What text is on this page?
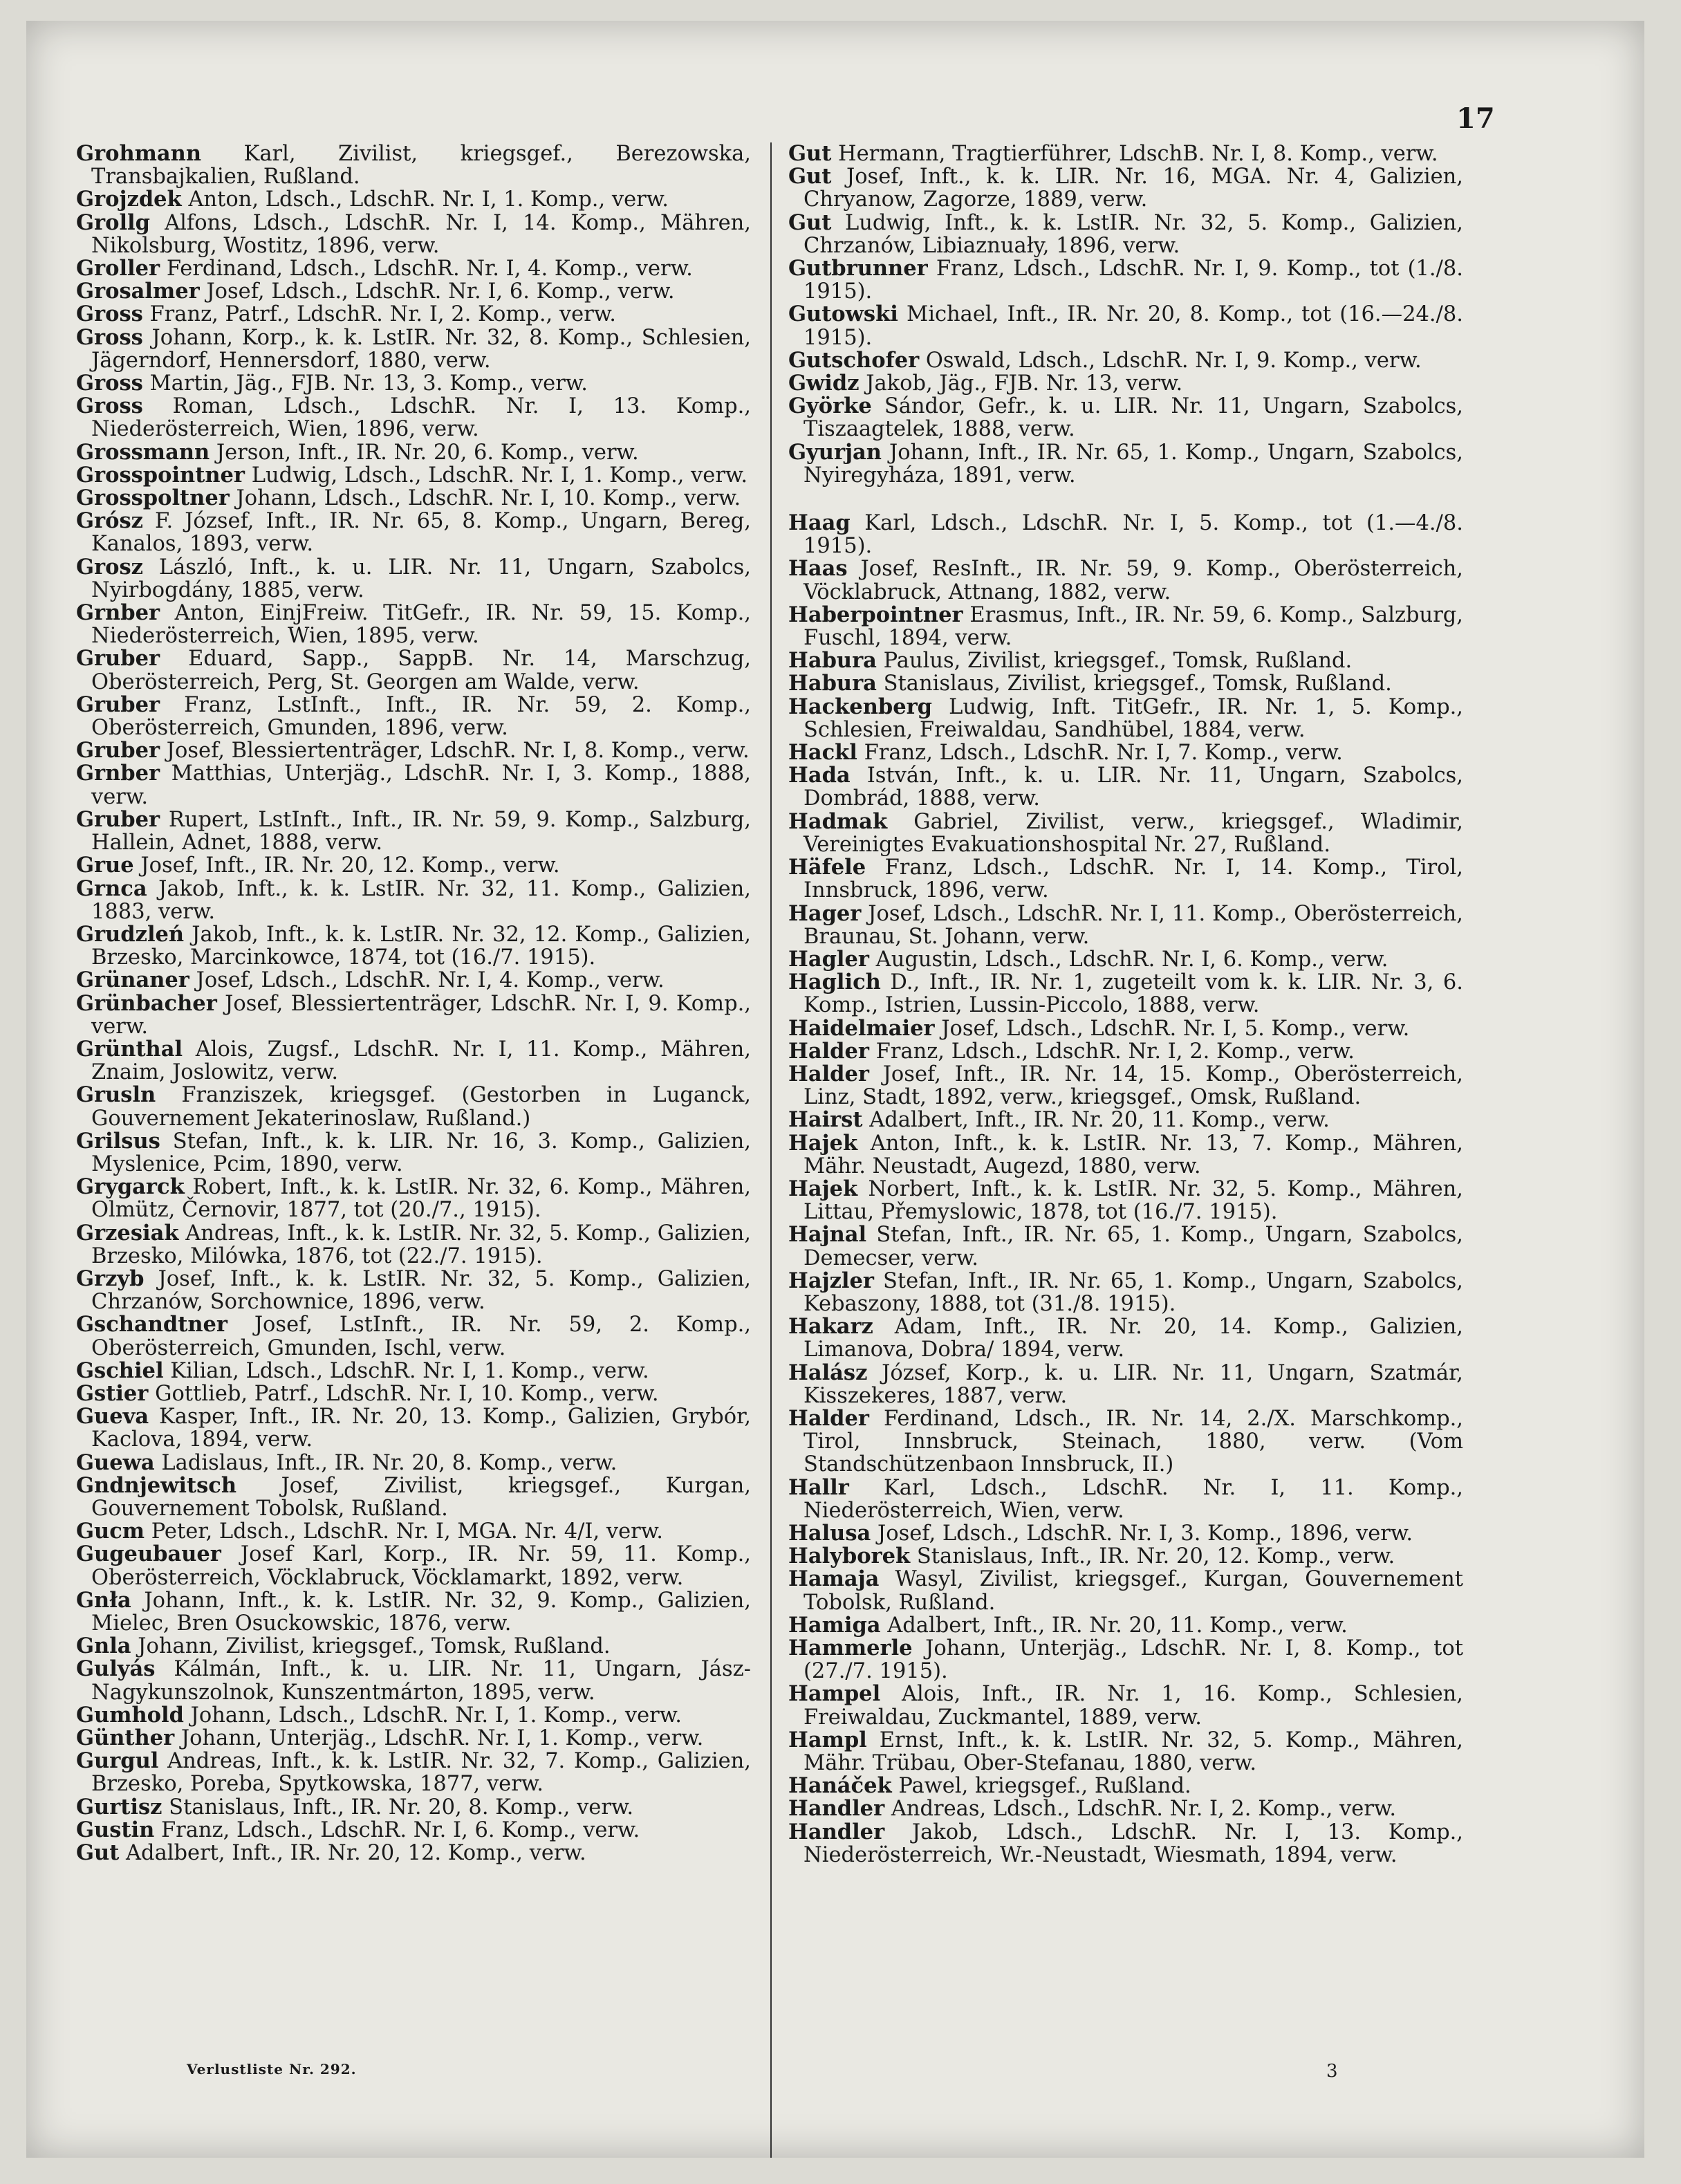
17

Grohmann Karl, Zivilist, kriegsgef., Berezowska, Transbajkalien, Rußland.

Grojzdek Anton, Ldsch., LdschR. Nr. I, 1. Komp., verw.

Grollg Alfons, Ldsch., LdschR. Nr. I, 14. Komp., Mähren, Nikolsburg, Wostitz, 1896, verw.

Groller Ferdinand, Ldsch., LdschR. Nr. I, 4. Komp., verw.

Grosalmer Josef, Ldsch., LdschR. Nr. I, 6. Komp., verw.

Gross Franz, Patrf., LdschR. Nr. I, 2. Komp., verw.

Gross Johann, Korp., k. k. LstIR. Nr. 32, 8. Komp., Schlesien, Jägerndorf, Hennersdorf, 1880, verw.

Gross Martin, Jäg., FJB. Nr. 13, 3. Komp., verw.

Gross Roman, Ldsch., LdschR. Nr. I, 13. Komp., Niederösterreich, Wien, 1896, verw.

Grossmann Jerson, Inft., IR. Nr. 20, 6. Komp., verw.

Grosspointner Ludwig, Ldsch., LdschR. Nr. I, 1. Komp., verw.

Grosspoltner Johann, Ldsch., LdschR. Nr. I, 10. Komp., verw.

Grósz F. József, Inft., IR. Nr. 65, 8. Komp., Ungarn, Bereg, Kanalos, 1893, verw.

Grosz László, Inft., k. u. LIR. Nr. 11, Ungarn, Szabolcs, Nyirbogdány, 1885, verw.

Grnber Anton, EinjFreiw. TitGefr., IR. Nr. 59, 15. Komp., Niederösterreich, Wien, 1895, verw.

Gruber Eduard, Sapp., SappB. Nr. 14, Marschzug, Oberösterreich, Perg, St. Georgen am Walde, verw.

Gruber Franz, LstInft., Inft., IR. Nr. 59, 2. Komp., Oberösterreich, Gmunden, 1896, verw.

Gruber Josef, Blessiertenträger, LdschR. Nr. I, 8. Komp., verw.

Grnber Matthias, Unterjäg., LdschR. Nr. I, 3. Komp., 1888, verw.

Gruber Rupert, LstInft., Inft., IR. Nr. 59, 9. Komp., Salzburg, Hallein, Adnet, 1888, verw.

Grue Josef, Inft., IR. Nr. 20, 12. Komp., verw.

Grnca Jakob, Inft., k. k. LstIR. Nr. 32, 11. Komp., Galizien, 1883, verw.

Grudzleń Jakob, Inft., k. k. LstIR. Nr. 32, 12. Komp., Galizien, Brzesko, Marcinkowce, 1874, tot (16./7. 1915).

Grünaner Josef, Ldsch., LdschR. Nr. I, 4. Komp., verw.

Grünbacher Josef, Blessiertenträger, LdschR. Nr. I, 9. Komp., verw.

Grünthal Alois, Zugsf., LdschR. Nr. I, 11. Komp., Mähren, Znaim, Joslowitz, verw.

Grusln Franziszek, kriegsgef. (Gestorben in Luganck, Gouvernement Jekaterinoslaw, Rußland.)

Grilsus Stefan, Inft., k. k. LIR. Nr. 16, 3. Komp., Galizien, Myslenice, Pcim, 1890, verw.

Grygarck Robert, Inft., k. k. LstIR. Nr. 32, 6. Komp., Mähren, Olmütz, Černovir, 1877, tot (20./7., 1915).

Grzesiak Andreas, Inft., k. k. LstIR. Nr. 32, 5. Komp., Galizien, Brzesko, Milówka, 1876, tot (22./7. 1915).

Grzyb Josef, Inft., k. k. LstIR. Nr. 32, 5. Komp., Galizien, Chrzanów, Sorchownice, 1896, verw.

Gschandtner Josef, LstInft., IR. Nr. 59, 2. Komp., Oberösterreich, Gmunden, Ischl, verw.

Gschiel Kilian, Ldsch., LdschR. Nr. I, 1. Komp., verw.

Gstier Gottlieb, Patrf., LdschR. Nr. I, 10. Komp., verw.

Gueva Kasper, Inft., IR. Nr. 20, 13. Komp., Galizien, Grybór, Kaclova, 1894, verw.

Guewa Ladislaus, Inft., IR. Nr. 20, 8. Komp., verw.

Gndnjewitsch Josef, Zivilist, kriegsgef., Kurgan, Gouvernement Tobolsk, Rußland.

Gucm Peter, Ldsch., LdschR. Nr. I, MGA. Nr. 4/I, verw.

Gugeubauer Josef Karl, Korp., IR. Nr. 59, 11. Komp., Oberösterreich, Vöcklabruck, Vöcklamarkt, 1892, verw.

Gnła Johann, Inft., k. k. LstIR. Nr. 32, 9. Komp., Galizien, Mielec, Bren Osuckowskic, 1876, verw.

Gnla Johann, Zivilist, kriegsgef., Tomsk, Rußland.

Gulyás Kálmán, Inft., k. u. LIR. Nr. 11, Ungarn, Jász-Nagykunszolnok, Kunszentmárton, 1895, verw.

Gumhold Johann, Ldsch., LdschR. Nr. I, 1. Komp., verw.

Günther Johann, Unterjäg., LdschR. Nr. I, 1. Komp., verw.

Gurgul Andreas, Inft., k. k. LstIR. Nr. 32, 7. Komp., Galizien, Brzesko, Poreba, Spytkowska, 1877, verw.

Gurtisz Stanislaus, Inft., IR. Nr. 20, 8. Komp., verw.

Gustin Franz, Ldsch., LdschR. Nr. I, 6. Komp., verw.

Gut Adalbert, Inft., IR. Nr. 20, 12. Komp., verw.

Gut Hermann, Tragtierführer, LdschB. Nr. I, 8. Komp., verw.

Gut Josef, Inft., k. k. LIR. Nr. 16, MGA. Nr. 4, Galizien, Chryanow, Zagorze, 1889, verw.

Gut Ludwig, Inft., k. k. LstIR. Nr. 32, 5. Komp., Galizien, Chrzanów, Libiaznuały, 1896, verw.

Gutbrunner Franz, Ldsch., LdschR. Nr. I, 9. Komp., tot (1./8. 1915).

Gutowski Michael, Inft., IR. Nr. 20, 8. Komp., tot (16.—24./8. 1915).

Gutschofer Oswald, Ldsch., LdschR. Nr. I, 9. Komp., verw.

Gwidz Jakob, Jäg., FJB. Nr. 13, verw.

Györke Sándor, Gefr., k. u. LIR. Nr. 11, Ungarn, Szabolcs, Tiszaagtelek, 1888, verw.

Gyurjan Johann, Inft., IR. Nr. 65, 1. Komp., Ungarn, Szabolcs, Nyiregyháza, 1891, verw.

Haag Karl, Ldsch., LdschR. Nr. I, 5. Komp., tot (1.—4./8. 1915).

Haas Josef, ResInft., IR. Nr. 59, 9. Komp., Oberösterreich, Vöcklabruck, Attnang, 1882, verw.

Haberpointner Erasmus, Inft., IR. Nr. 59, 6. Komp., Salzburg, Fuschl, 1894, verw.

Habura Paulus, Zivilist, kriegsgef., Tomsk, Rußland.

Habura Stanislaus, Zivilist, kriegsgef., Tomsk, Rußland.

Hackenberg Ludwig, Inft. TitGefr., IR. Nr. 1, 5. Komp., Schlesien, Freiwaldau, Sandhübel, 1884, verw.

Hackl Franz, Ldsch., LdschR. Nr. I, 7. Komp., verw.

Hada István, Inft., k. u. LIR. Nr. 11, Ungarn, Szabolcs, Dombrád, 1888, verw.

Hadmak Gabriel, Zivilist, verw., kriegsgef., Wladimir, Vereinigtes Evakuationshospital Nr. 27, Rußland.

Häfele Franz, Ldsch., LdschR. Nr. I, 14. Komp., Tirol, Innsbruck, 1896, verw.

Hager Josef, Ldsch., LdschR. Nr. I, 11. Komp., Oberösterreich, Braunau, St. Johann, verw.

Hagler Augustin, Ldsch., LdschR. Nr. I, 6. Komp., verw.

Haglich D., Inft., IR. Nr. 1, zugeteilt vom k. k. LIR. Nr. 3, 6. Komp., Istrien, Lussin-Piccolo, 1888, verw.

Haidelmaier Josef, Ldsch., LdschR. Nr. I, 5. Komp., verw.

Halder Franz, Ldsch., LdschR. Nr. I, 2. Komp., verw.

Halder Josef, Inft., IR. Nr. 14, 15. Komp., Oberösterreich, Linz, Stadt, 1892, verw., kriegsgef., Omsk, Rußland.

Hairst Adalbert, Inft., IR. Nr. 20, 11. Komp., verw.

Hajek Anton, Inft., k. k. LstIR. Nr. 13, 7. Komp., Mähren, Mähr. Neustadt, Augezd, 1880, verw.

Hajek Norbert, Inft., k. k. LstIR. Nr. 32, 5. Komp., Mähren, Littau, Přemyslowic, 1878, tot (16./7. 1915).

Hajnal Stefan, Inft., IR. Nr. 65, 1. Komp., Ungarn, Szabolcs, Demecser, verw.

Hajzler Stefan, Inft., IR. Nr. 65, 1. Komp., Ungarn, Szabolcs, Kebaszony, 1888, tot (31./8. 1915).

Hakarz Adam, Inft., IR. Nr. 20, 14. Komp., Galizien, Limanova, Dobra/ 1894, verw.

Halász József, Korp., k. u. LIR. Nr. 11, Ungarn, Szatmár, Kisszekeres, 1887, verw.

Halder Ferdinand, Ldsch., IR. Nr. 14, 2./X. Marschkomp., Tirol, Innsbruck, Steinach, 1880, verw. (Vom Standschützenbaon Innsbruck, II.)

Hallr Karl, Ldsch., LdschR. Nr. I, 11. Komp., Niederösterreich, Wien, verw.

Halusa Josef, Ldsch., LdschR. Nr. I, 3. Komp., 1896, verw.

Halyborek Stanislaus, Inft., IR. Nr. 20, 12. Komp., verw.

Hamaja Wasyl, Zivilist, kriegsgef., Kurgan, Gouvernement Tobolsk, Rußland.

Hamiga Adalbert, Inft., IR. Nr. 20, 11. Komp., verw.

Hammerle Johann, Unterjäg., LdschR. Nr. I, 8. Komp., tot (27./7. 1915).

Hampel Alois, Inft., IR. Nr. 1, 16. Komp., Schlesien, Freiwaldau, Zuckmantel, 1889, verw.

Hampl Ernst, Inft., k. k. LstIR. Nr. 32, 5. Komp., Mähren, Mähr. Trübau, Ober-Stefanau, 1880, verw.

Hanáček Pawel, kriegsgef., Rußland.

Handler Andreas, Ldsch., LdschR. Nr. I, 2. Komp., verw.

Handler Jakob, Ldsch., LdschR. Nr. I, 13. Komp., Niederösterreich, Wr.-Neustadt, Wiesmath, 1894, verw.

Verlustliste Nr. 292.	3
